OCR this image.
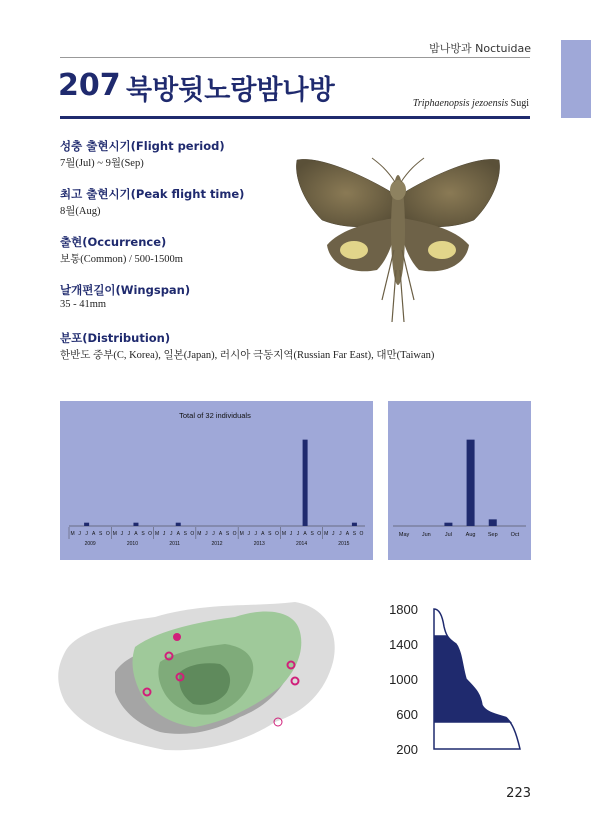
밤나방과 Noctuidae
207 북방뒷노랑밤나방	Triphaenopsis jezoensis Sugi
성충 출현시기(Flight period)
7월(Jul) ~ 9월(Sep)
최고 출현시기(Peak flight time)
8월(Aug)
출현(Occurrence)
보통(Common) / 500-1500m
날개편길이(Wingspan)
35 - 41mm
분포(Distribution)
한반도 중부(C, Korea), 일본(Japan), 러시아 극동지역(Russian Far East), 대만(Taiwan)
Total of 32 individuals
M J J A S O M J J A S O M J J A S O M J J A S O M J J A S O M J J A S O M J J A S O
2009	2010	2011	2012	2013	2014	2015
May Jun	Jul	Aug Sep Oct
1800
1400
1000
600
200
223
